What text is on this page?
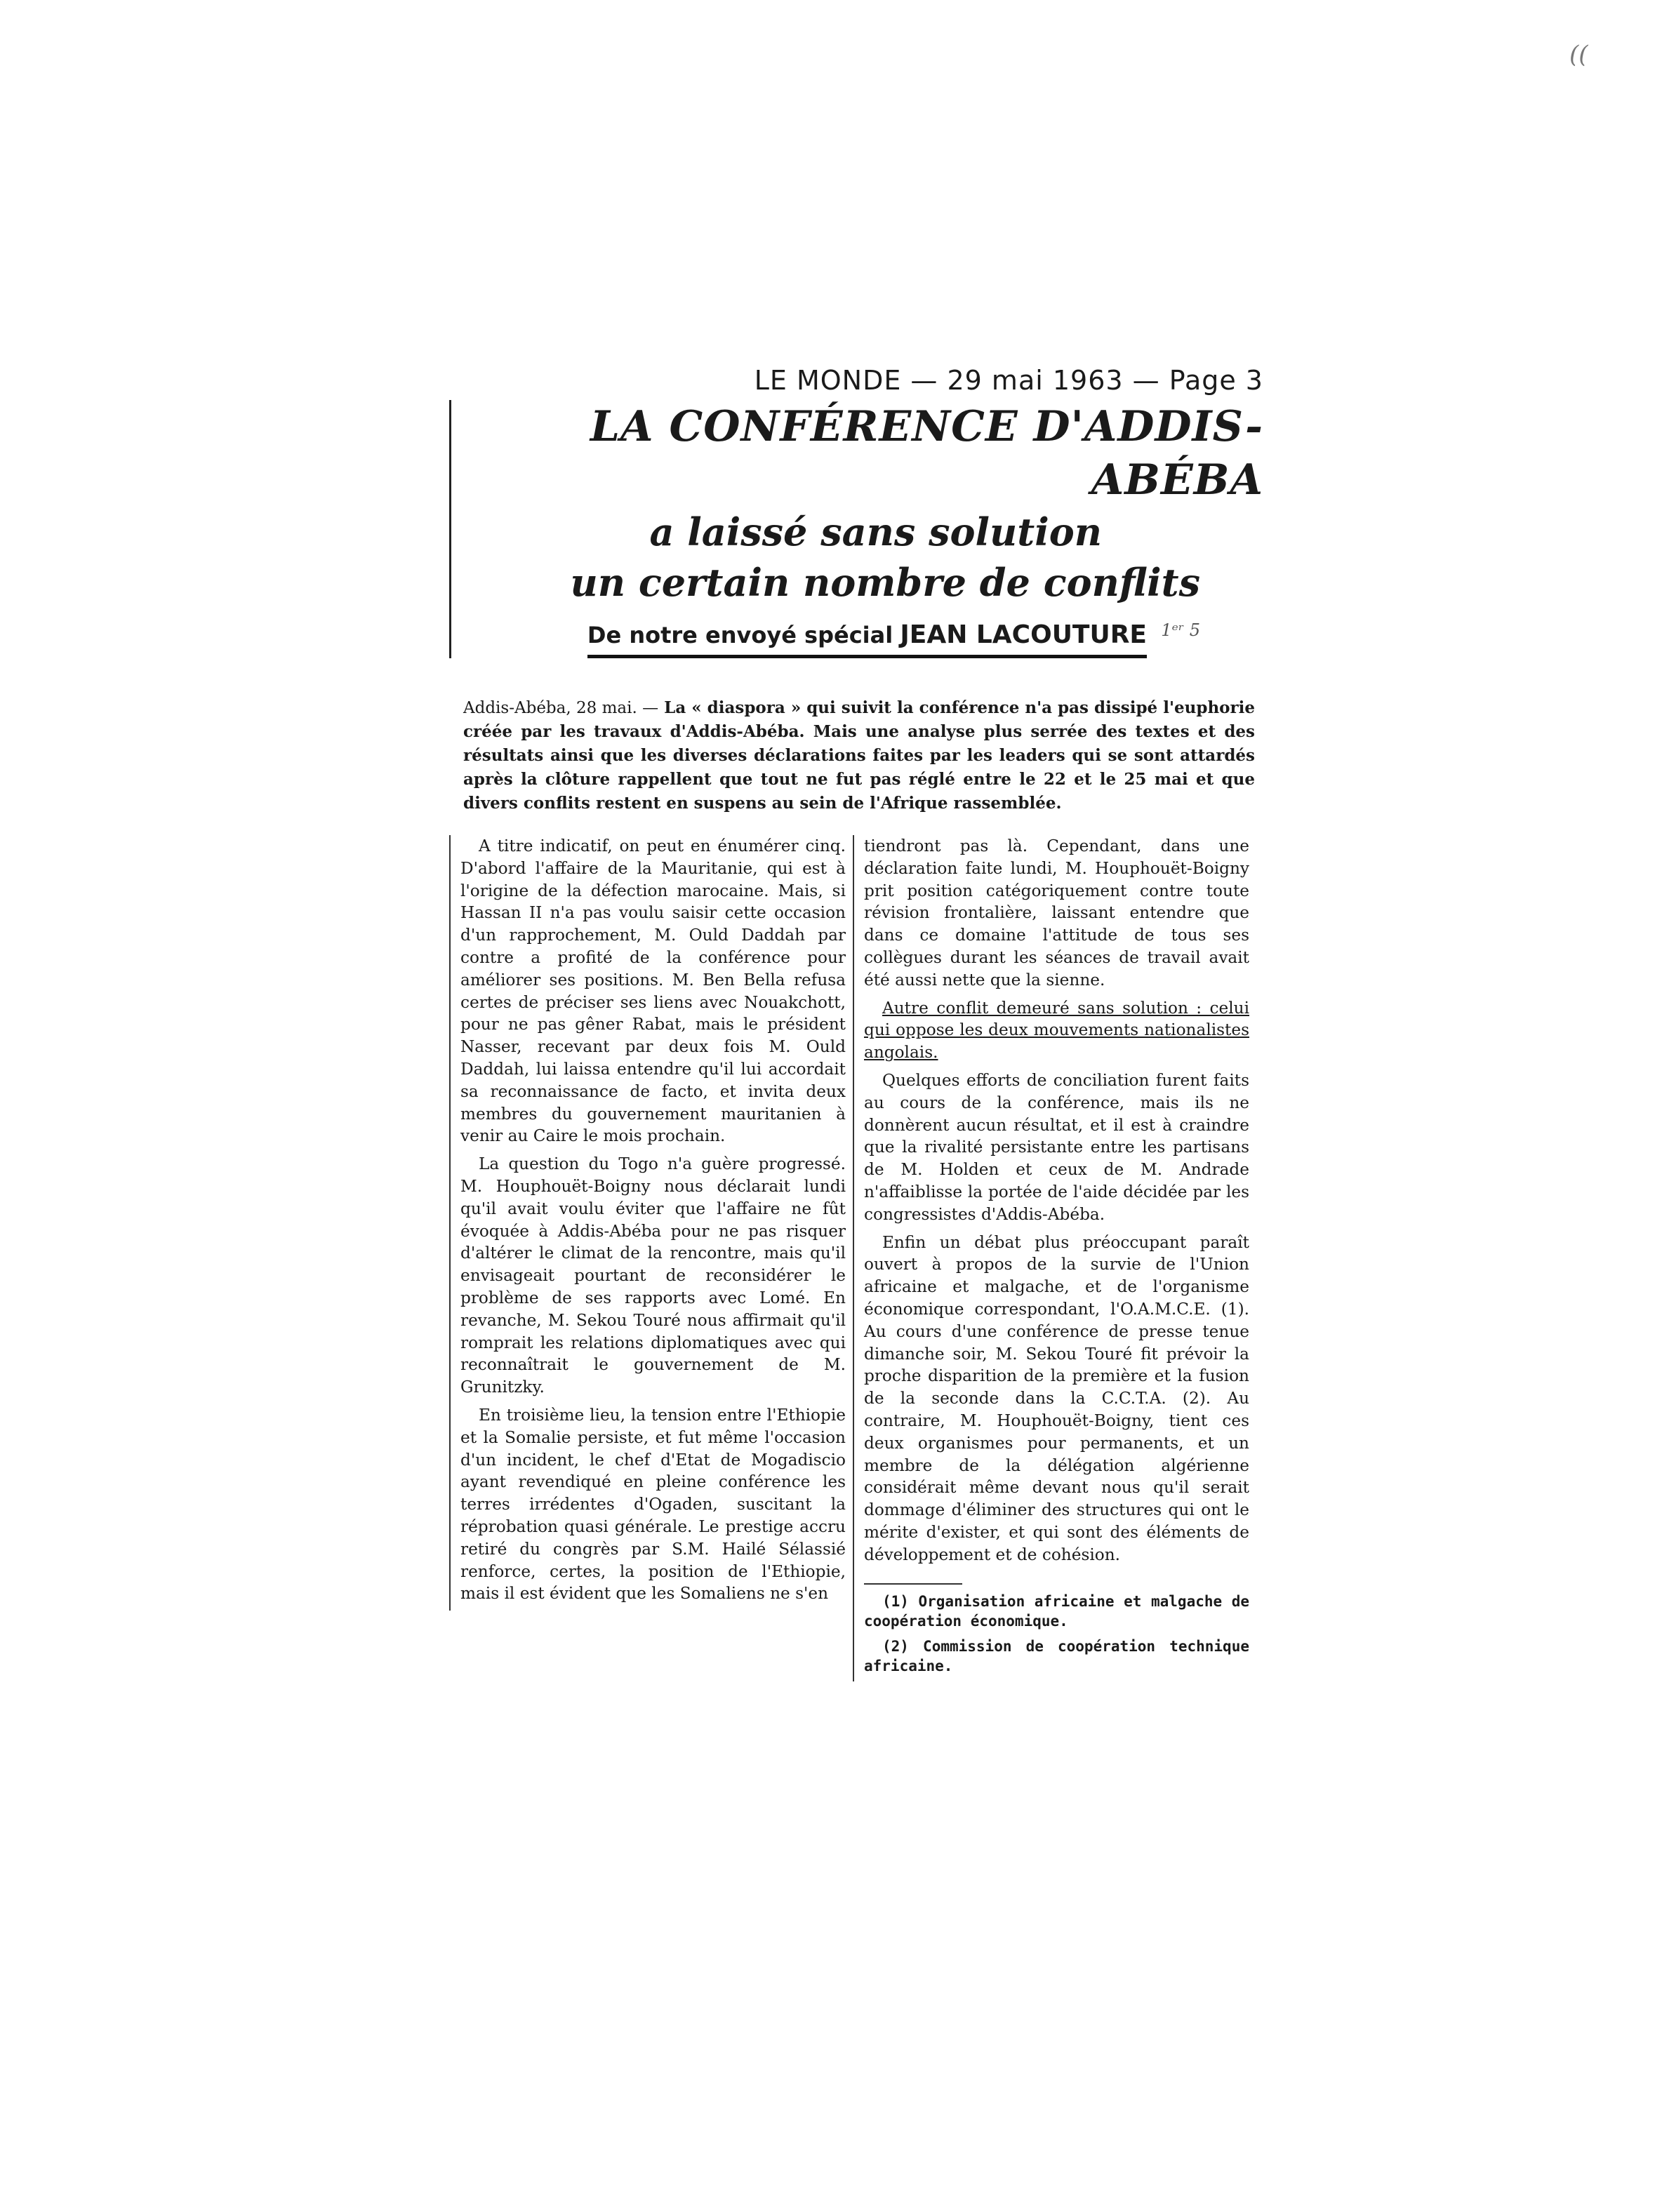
((
LE MONDE — 29 mai 1963 — Page 3
LA CONFÉRENCE D'ADDIS-ABÉBA
a laissé sans solution
un certain nombre de conflits
De notre envoyé spécial JEAN LACOUTURE $^{1ᵉʳ 5}$
Addis-Abéba, 28 mai. — La « diaspora » qui suivit la conférence n'a pas dissipé l'euphorie créée par les travaux d'Addis-Abéba. Mais une analyse plus serrée des textes et des résultats ainsi que les diverses déclarations faites par les leaders qui se sont attardés après la clôture rappellent que tout ne fut pas réglé entre le 22 et le 25 mai et que divers conflits restent en suspens au sein de l'Afrique rassemblée.

A titre indicatif, on peut en énumérer cinq. D'abord l'affaire de la Mauritanie, qui est à l'origine de la défection marocaine. Mais, si Hassan II n'a pas voulu saisir cette occasion d'un rapprochement, M. Ould Daddah par contre a profité de la conférence pour améliorer ses positions. M. Ben Bella refusa certes de préciser ses liens avec Nouakchott, pour ne pas gêner Rabat, mais le président Nasser, recevant par deux fois M. Ould Daddah, lui laissa entendre qu'il lui accordait sa reconnaissance de facto, et invita deux membres du gouvernement mauritanien à venir au Caire le mois prochain.

La question du Togo n'a guère progressé. M. Houphouët-Boigny nous déclarait lundi qu'il avait voulu éviter que l'affaire ne fût évoquée à Addis-Abéba pour ne pas risquer d'altérer le climat de la rencontre, mais qu'il envisageait pourtant de reconsidérer le problème de ses rapports avec Lomé. En revanche, M. Sekou Touré nous affirmait qu'il romprait les relations diplomatiques avec qui reconnaîtrait le gouvernement de M. Grunitzky.

En troisième lieu, la tension entre l'Ethiopie et la Somalie persiste, et fut même l'occasion d'un incident, le chef d'Etat de Mogadiscio ayant revendiqué en pleine conférence les terres irrédentes d'Ogaden, suscitant la réprobation quasi générale. Le prestige accru retiré du congrès par S.M. Hailé Sélassié renforce, certes, la position de l'Ethiopie, mais il est évident que les Somaliens ne s'en

tiendront pas là. Cependant, dans une déclaration faite lundi, M. Houphouët-Boigny prit position catégoriquement contre toute révision frontalière, laissant entendre que dans ce domaine l'attitude de tous ses collègues durant les séances de travail avait été aussi nette que la sienne.

Autre conflit demeuré sans solution : celui qui oppose les deux mouvements nationalistes angolais.

Quelques efforts de conciliation furent faits au cours de la conférence, mais ils ne donnèrent aucun résultat, et il est à craindre que la rivalité persistante entre les partisans de M. Holden et ceux de M. Andrade n'affaiblisse la portée de l'aide décidée par les congressistes d'Addis-Abéba.

Enfin un débat plus préoccupant paraît ouvert à propos de la survie de l'Union africaine et malgache, et de l'organisme économique correspondant, l'O.A.M.C.E. (1). Au cours d'une conférence de presse tenue dimanche soir, M. Sekou Touré fit prévoir la proche disparition de la première et la fusion de la seconde dans la C.C.T.A. (2). Au contraire, M. Houphouët-Boigny, tient ces deux organismes pour permanents, et un membre de la délégation algérienne considérait même devant nous qu'il serait dommage d'éliminer des structures qui ont le mérite d'exister, et qui sont des éléments de développement et de cohésion.

(1) Organisation africaine et malgache de coopération économique.

(2) Commission de coopération technique africaine.
